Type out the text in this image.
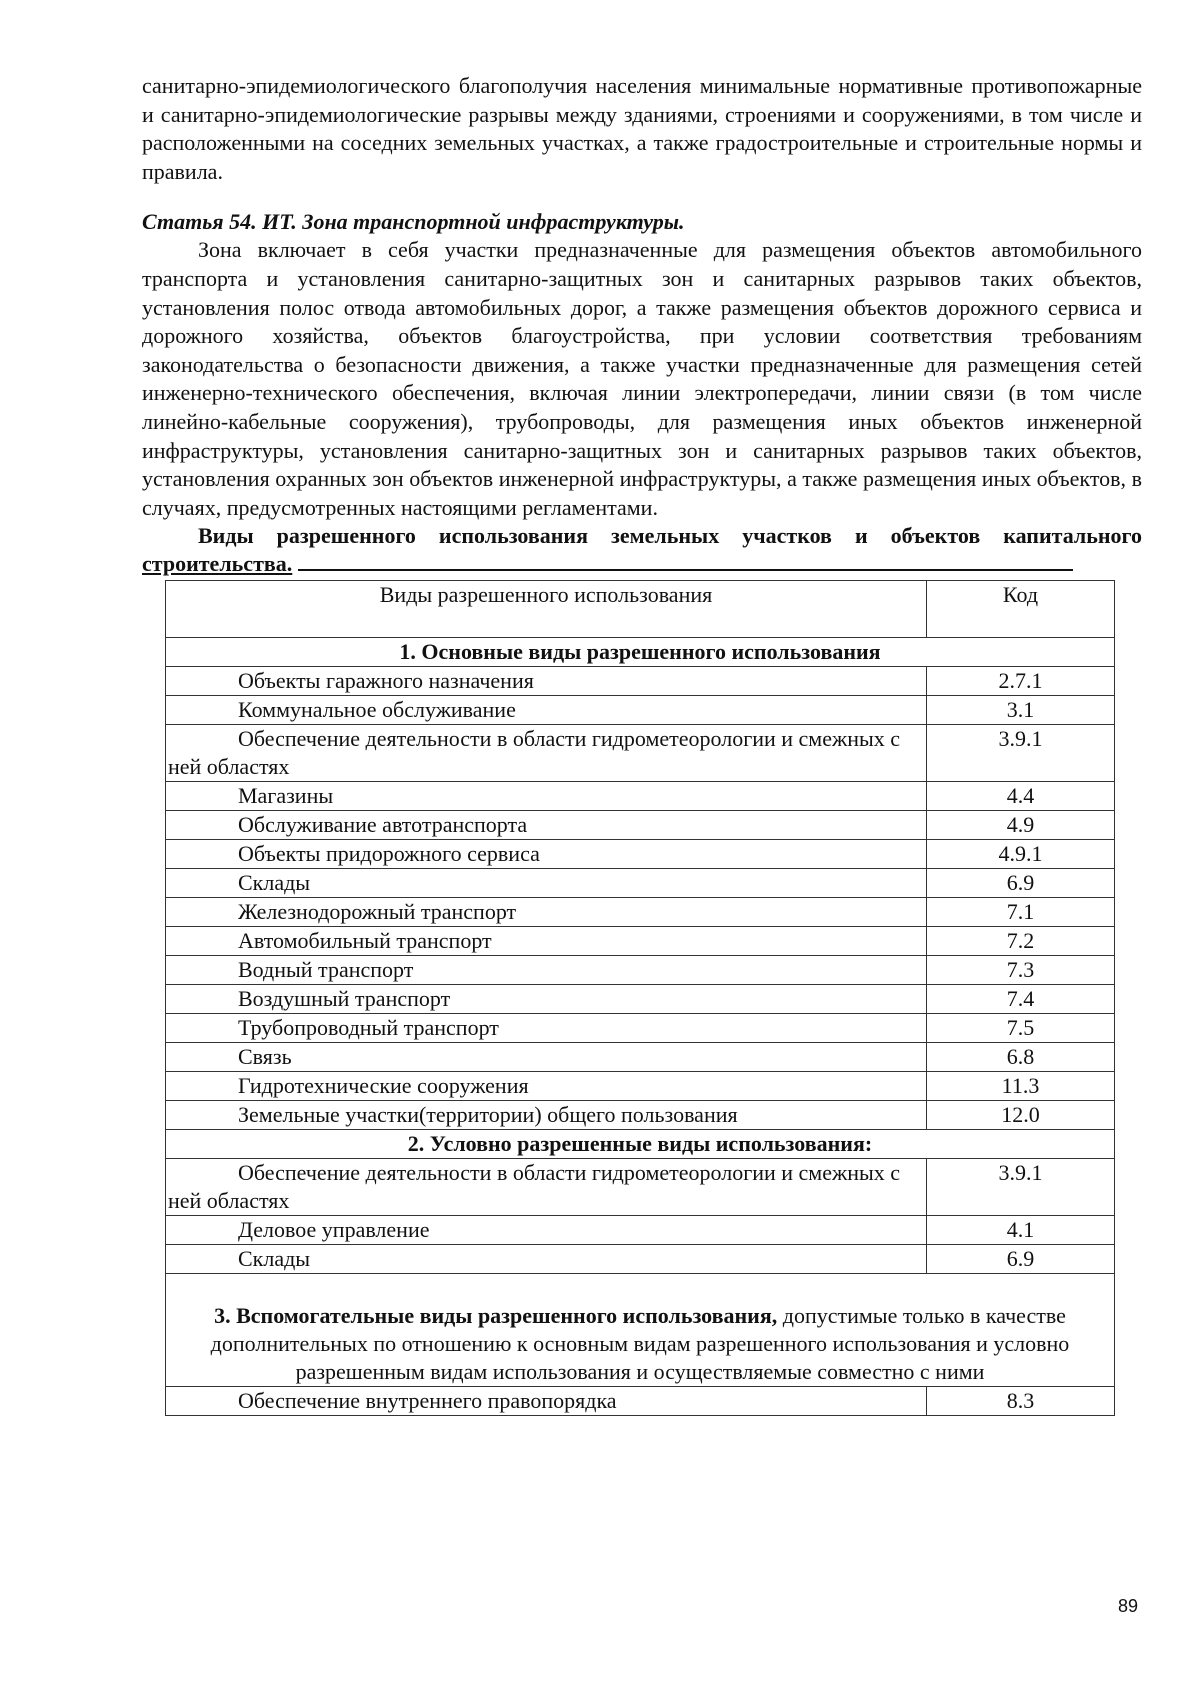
санитарно-эпидемиологического благополучия населения минимальные нормативные противопожарные и санитарно-эпидемиологические разрывы между зданиями, строениями и сооружениями, в том числе и расположенными на соседних земельных участках, а также градостроительные и строительные нормы и правила.

Статья 54. ИТ. Зона транспортной инфраструктуры.

Зона включает в себя участки предназначенные для размещения объектов автомобильного транспорта и установления санитарно-защитных зон и санитарных разрывов таких объектов, установления полос отвода автомобильных дорог, а также размещения объектов дорожного сервиса и дорожного хозяйства, объектов благоустройства, при условии соответствия требованиям законодательства о безопасности движения, а также участки предназначенные для размещения сетей инженерно-технического обеспечения, включая линии электропередачи, линии связи (в том числе линейно-кабельные сооружения), трубопроводы, для размещения иных объектов инженерной инфраструктуры, установления санитарно-защитных зон и санитарных разрывов таких объектов, установления охранных зон объектов инженерной инфраструктуры, а также размещения иных объектов, в случаях, предусмотренных настоящими регламентами.

Виды разрешенного использования земельных участков и объектов капитального строительства.

Виды разрешенного использования	Код
1. Основные виды разрешенного использования	

Объекты гаражного назначения	2.7.1

Коммунальное обслуживание	3.1

Обеспечение деятельности в области гидрометеорологии и смежных с ней областях	3.9.1

Магазины	4.4

Обслуживание автотранспорта	4.9

Объекты придорожного сервиса	4.9.1

Склады	6.9

Железнодорожный транспорт	7.1

Автомобильный транспорт	7.2

Водный транспорт	7.3

Воздушный транспорт	7.4

Трубопроводный транспорт	7.5

Связь	6.8

Гидротехнические сооружения	11.3

Земельные участки(территории) общего пользования	12.0
2. Условно разрешенные виды использования:	

Обеспечение деятельности в области гидрометеорологии и смежных с ней областях	3.9.1

Деловое управление	4.1

Склады	6.9

3. Вспомогательные виды разрешенного использования, допустимые только в качестве дополнительных по отношению к основным видам разрешенного использования и условно разрешенным видам использования и осуществляемые совместно с ними	

Обеспечение внутреннего правопорядка	8.3
89
